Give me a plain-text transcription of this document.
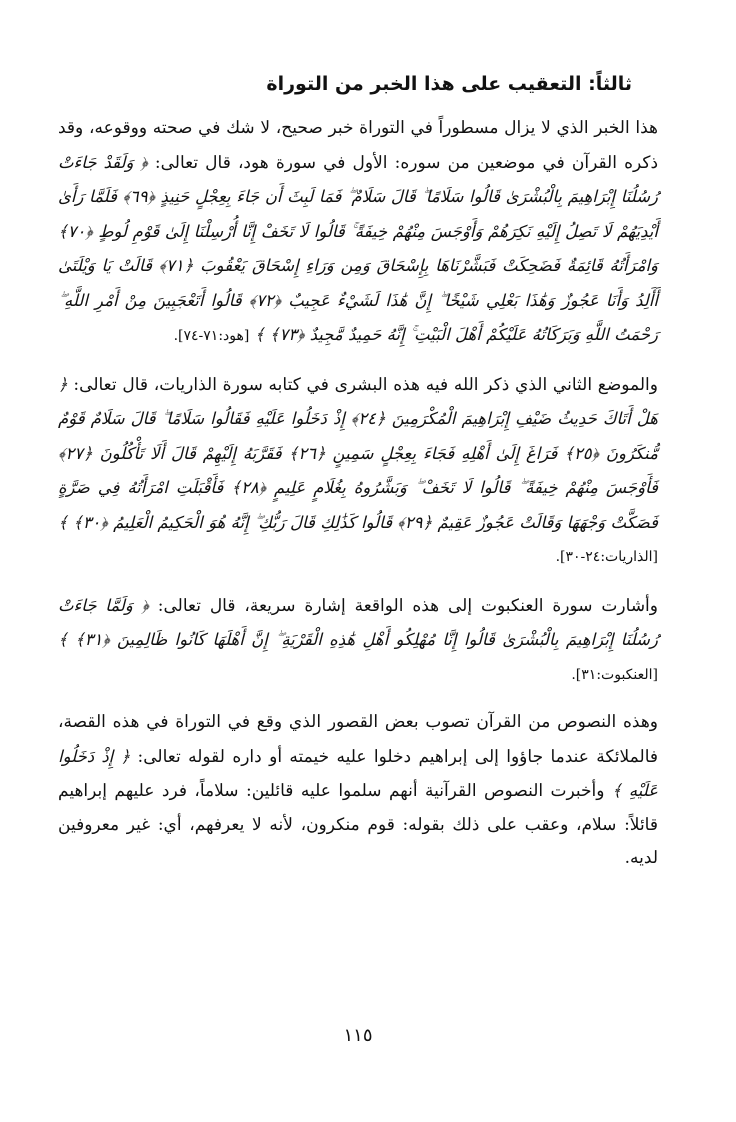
ثالثاً: التعقيب على هذا الخبر من التوراة

هذا الخبر الذي لا يزال مسطوراً في التوراة خبر صحيح، لا شك في صحته ووقوعه، وقد ذكره القرآن في موضعين من سوره: الأول في سورة هود، قال تعالى: ﴿ وَلَقَدْ جَاءَتْ رُسُلُنَا إِبْرَاهِيمَ بِالْبُشْرَىٰ قَالُوا سَلَامًا ۖ قَالَ سَلَامٌ ۖ فَمَا لَبِثَ أَن جَاءَ بِعِجْلٍ حَنِيذٍ ﴿٦٩﴾ فَلَمَّا رَأَىٰ أَيْدِيَهُمْ لَا تَصِلُ إِلَيْهِ نَكِرَهُمْ وَأَوْجَسَ مِنْهُمْ خِيفَةً ۚ قَالُوا لَا تَخَفْ إِنَّا أُرْسِلْنَا إِلَىٰ قَوْمِ لُوطٍ ﴿٧٠﴾ وَامْرَأَتُهُ قَائِمَةٌ فَضَحِكَتْ فَبَشَّرْنَاهَا بِإِسْحَاقَ وَمِن وَرَاءِ إِسْحَاقَ يَعْقُوبَ ﴿٧١﴾ قَالَتْ يَا وَيْلَتَىٰ أَأَلِدُ وَأَنَا عَجُوزٌ وَهَٰذَا بَعْلِي شَيْخًا ۖ إِنَّ هَٰذَا لَشَيْءٌ عَجِيبٌ ﴿٧٢﴾ قَالُوا أَتَعْجَبِينَ مِنْ أَمْرِ اللَّهِ ۖ رَحْمَتُ اللَّهِ وَبَرَكَاتُهُ عَلَيْكُمْ أَهْلَ الْبَيْتِ ۚ إِنَّهُ حَمِيدٌ مَّجِيدٌ ﴿٧٣﴾ ﴾ [هود:٧١-٧٤].

والموضع الثاني الذي ذكر الله فيه هذه البشرى في كتابه سورة الذاريات، قال تعالى: ﴿ هَلْ أَتَاكَ حَدِيثُ ضَيْفِ إِبْرَاهِيمَ الْمُكْرَمِينَ ﴿٢٤﴾ إِذْ دَخَلُوا عَلَيْهِ فَقَالُوا سَلَامًا ۖ قَالَ سَلَامٌ قَوْمٌ مُّنكَرُونَ ﴿٢٥﴾ فَرَاغَ إِلَىٰ أَهْلِهِ فَجَاءَ بِعِجْلٍ سَمِينٍ ﴿٢٦﴾ فَقَرَّبَهُ إِلَيْهِمْ قَالَ أَلَا تَأْكُلُونَ ﴿٢٧﴾ فَأَوْجَسَ مِنْهُمْ خِيفَةً ۖ قَالُوا لَا تَخَفْ ۖ وَبَشَّرُوهُ بِغُلَامٍ عَلِيمٍ ﴿٢٨﴾ فَأَقْبَلَتِ امْرَأَتُهُ فِي صَرَّةٍ فَصَكَّتْ وَجْهَهَا وَقَالَتْ عَجُوزٌ عَقِيمٌ ﴿٢٩﴾ قَالُوا كَذَٰلِكِ قَالَ رَبُّكِ ۖ إِنَّهُ هُوَ الْحَكِيمُ الْعَلِيمُ ﴿٣٠﴾ ﴾ [الذاريات:٢٤-٣٠].

وأشارت سورة العنكبوت إلى هذه الواقعة إشارة سريعة، قال تعالى: ﴿ وَلَمَّا جَاءَتْ رُسُلُنَا إِبْرَاهِيمَ بِالْبُشْرَىٰ قَالُوا إِنَّا مُهْلِكُو أَهْلِ هَٰذِهِ الْقَرْيَةِ ۖ إِنَّ أَهْلَهَا كَانُوا ظَالِمِينَ ﴿٣١﴾ ﴾ [العنكبوت:٣١].

وهذه النصوص من القرآن تصوب بعض القصور الذي وقع في التوراة في هذه القصة، فالملائكة عندما جاؤوا إلى إبراهيم دخلوا عليه خيمته أو داره لقوله تعالى: ﴿ إِذْ دَخَلُوا عَلَيْهِ ﴾ وأخبرت النصوص القرآنية أنهم سلموا عليه قائلين: سلاماً، فرد عليهم إبراهيم قائلاً: سلام، وعقب على ذلك بقوله: قوم منكرون، لأنه لا يعرفهم، أي: غير معروفين لديه.

١١٥
